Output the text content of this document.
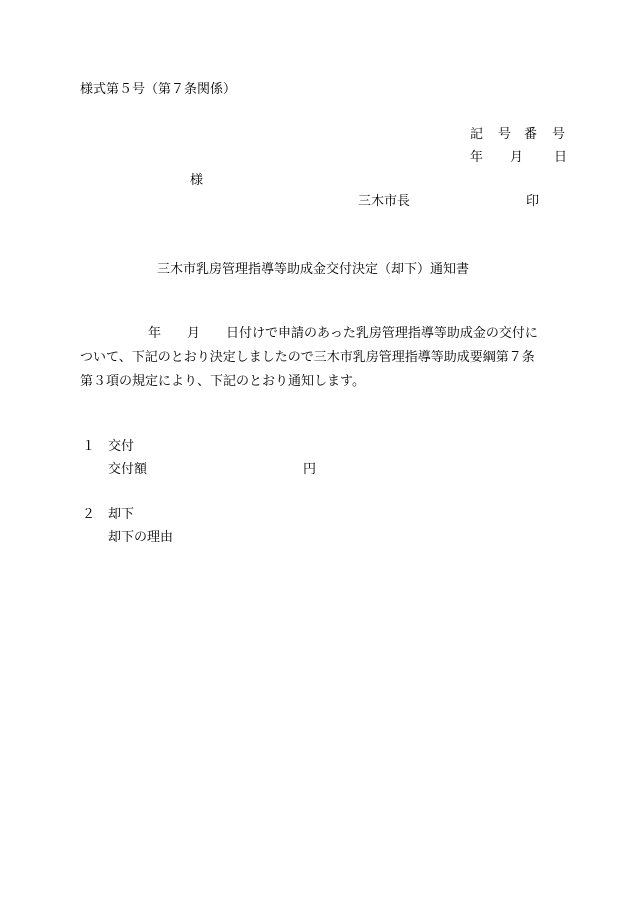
様式第５号（第７条関係）
記 号 番 号
年 月 日
様
三木市長	印
三木市乳房管理指導等助成金交付決定（却下）通知書
年　　月　　日付けで申請のあった乳房管理指導等助成金の交付に
ついて、下記のとおり決定しましたので三木市乳房管理指導等助成要綱第７条
第３項の規定により、下記のとおり通知します。
１ 交付
交付額	円
２ 却下
却下の理由
